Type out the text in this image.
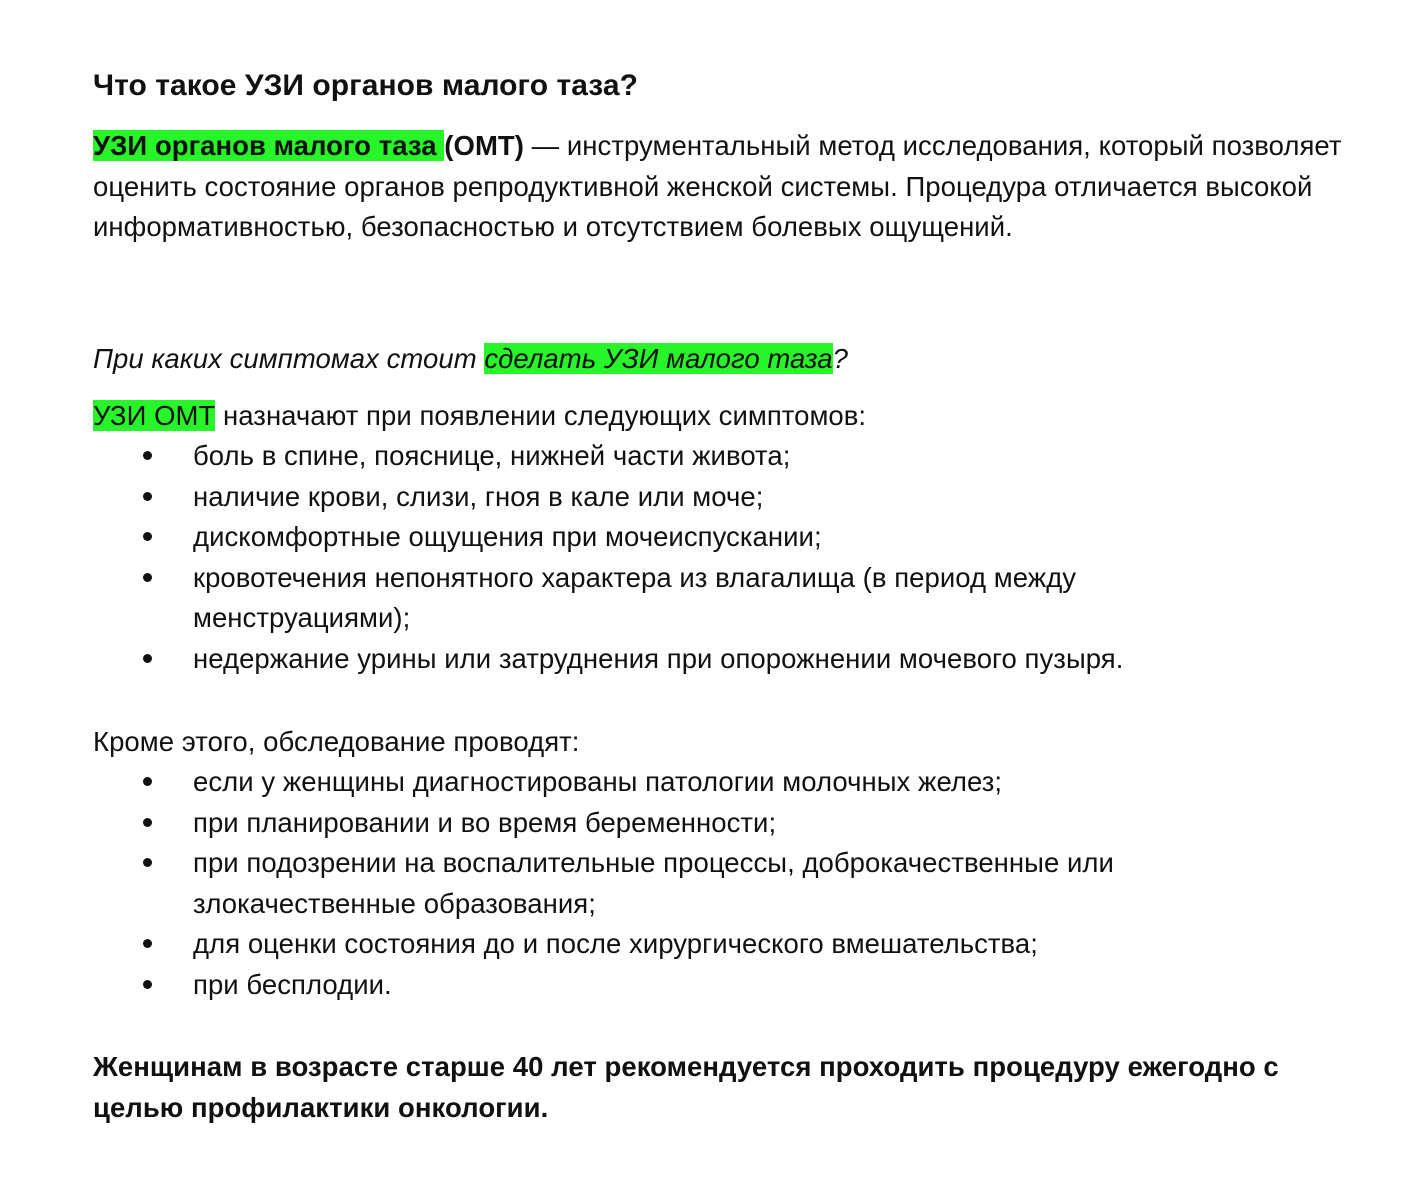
Что такое УЗИ органов малого таза?
УЗИ органов малого таза (ОМТ) — инструментальный метод исследования, который позволяет оценить состояние органов репродуктивной женской системы. Процедура отличается высокой информативностью, безопасностью и отсутствием болевых ощущений.
При каких симптомах стоит сделать УЗИ малого таза?
УЗИ ОМТ назначают при появлении следующих симптомов:
боль в спине, пояснице, нижней части живота;
наличие крови, слизи, гноя в кале или моче;
дискомфортные ощущения при мочеиспускании;
кровотечения непонятного характера из влагалища (в период между менструациями);
недержание урины или затруднения при опорожнении мочевого пузыря.
Кроме этого, обследование проводят:
если у женщины диагностированы патологии молочных желез;
при планировании и во время беременности;
при подозрении на воспалительные процессы, доброкачественные или злокачественные образования;
для оценки состояния до и после хирургического вмешательства;
при бесплодии.
Женщинам в возрасте старше 40 лет рекомендуется проходить процедуру ежегодно с целью профилактики онкологии.
